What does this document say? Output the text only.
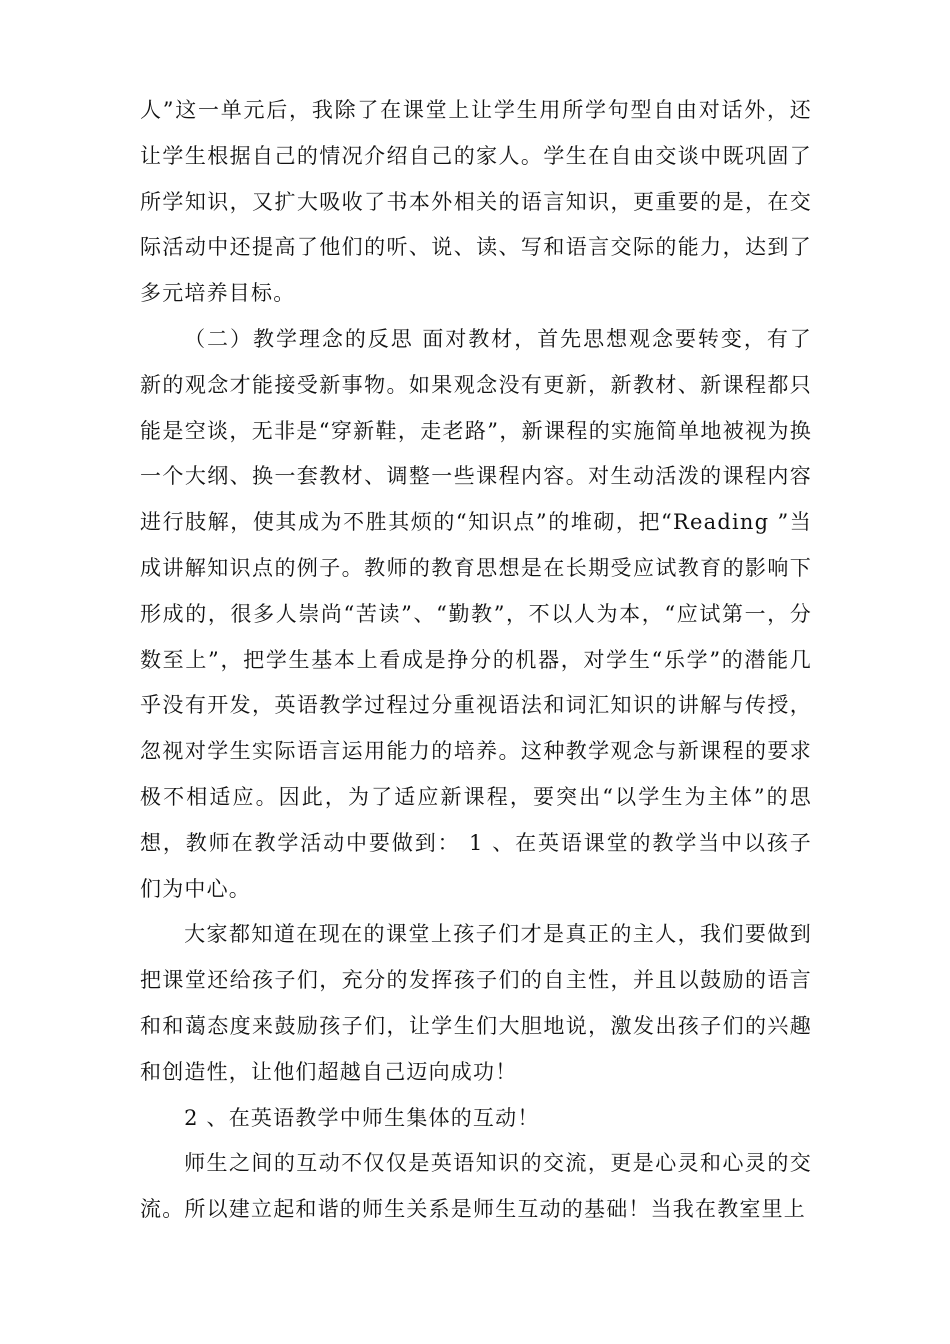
人”这一单元后，我除了在课堂上让学生用所学句型自由对话外，还让学生根据自己的情况介绍自己的家人。学生在自由交谈中既巩固了所学知识，又扩大吸收了书本外相关的语言知识，更重要的是，在交际活动中还提高了他们的听、说、读、写和语言交际的能力，达到了多元培养目标。

（二）教学理念的反思 面对教材，首先思想观念要转变，有了新的观念才能接受新事物。如果观念没有更新，新教材、新课程都只能是空谈，无非是“穿新鞋，走老路”，新课程的实施简单地被视为换一个大纲、换一套教材、调整一些课程内容。对生动活泼的课程内容进行肢解，使其成为不胜其烦的“知识点”的堆砌，把“Reading ”当成讲解知识点的例子。教师的教育思想是在长期受应试教育的影响下形成的，很多人崇尚“苦读”、“勤教”，不以人为本，“应试第一，分数至上”，把学生基本上看成是挣分的机器，对学生“乐学”的潜能几乎没有开发，英语教学过程过分重视语法和词汇知识的讲解与传授，忽视对学生实际语言运用能力的培养。这种教学观念与新课程的要求极不相适应。因此，为了适应新课程，要突出“以学生为主体”的思想，教师在教学活动中要做到： 1 、在英语课堂的教学当中以孩子们为中心。

大家都知道在现在的课堂上孩子们才是真正的主人，我们要做到把课堂还给孩子们，充分的发挥孩子们的自主性，并且以鼓励的语言和和蔼态度来鼓励孩子们，让学生们大胆地说，激发出孩子们的兴趣和创造性，让他们超越自己迈向成功！

2 、在英语教学中师生集体的互动！

师生之间的互动不仅仅是英语知识的交流，更是心灵和心灵的交流。所以建立起和谐的师生关系是师生互动的基础！当我在教室里上
